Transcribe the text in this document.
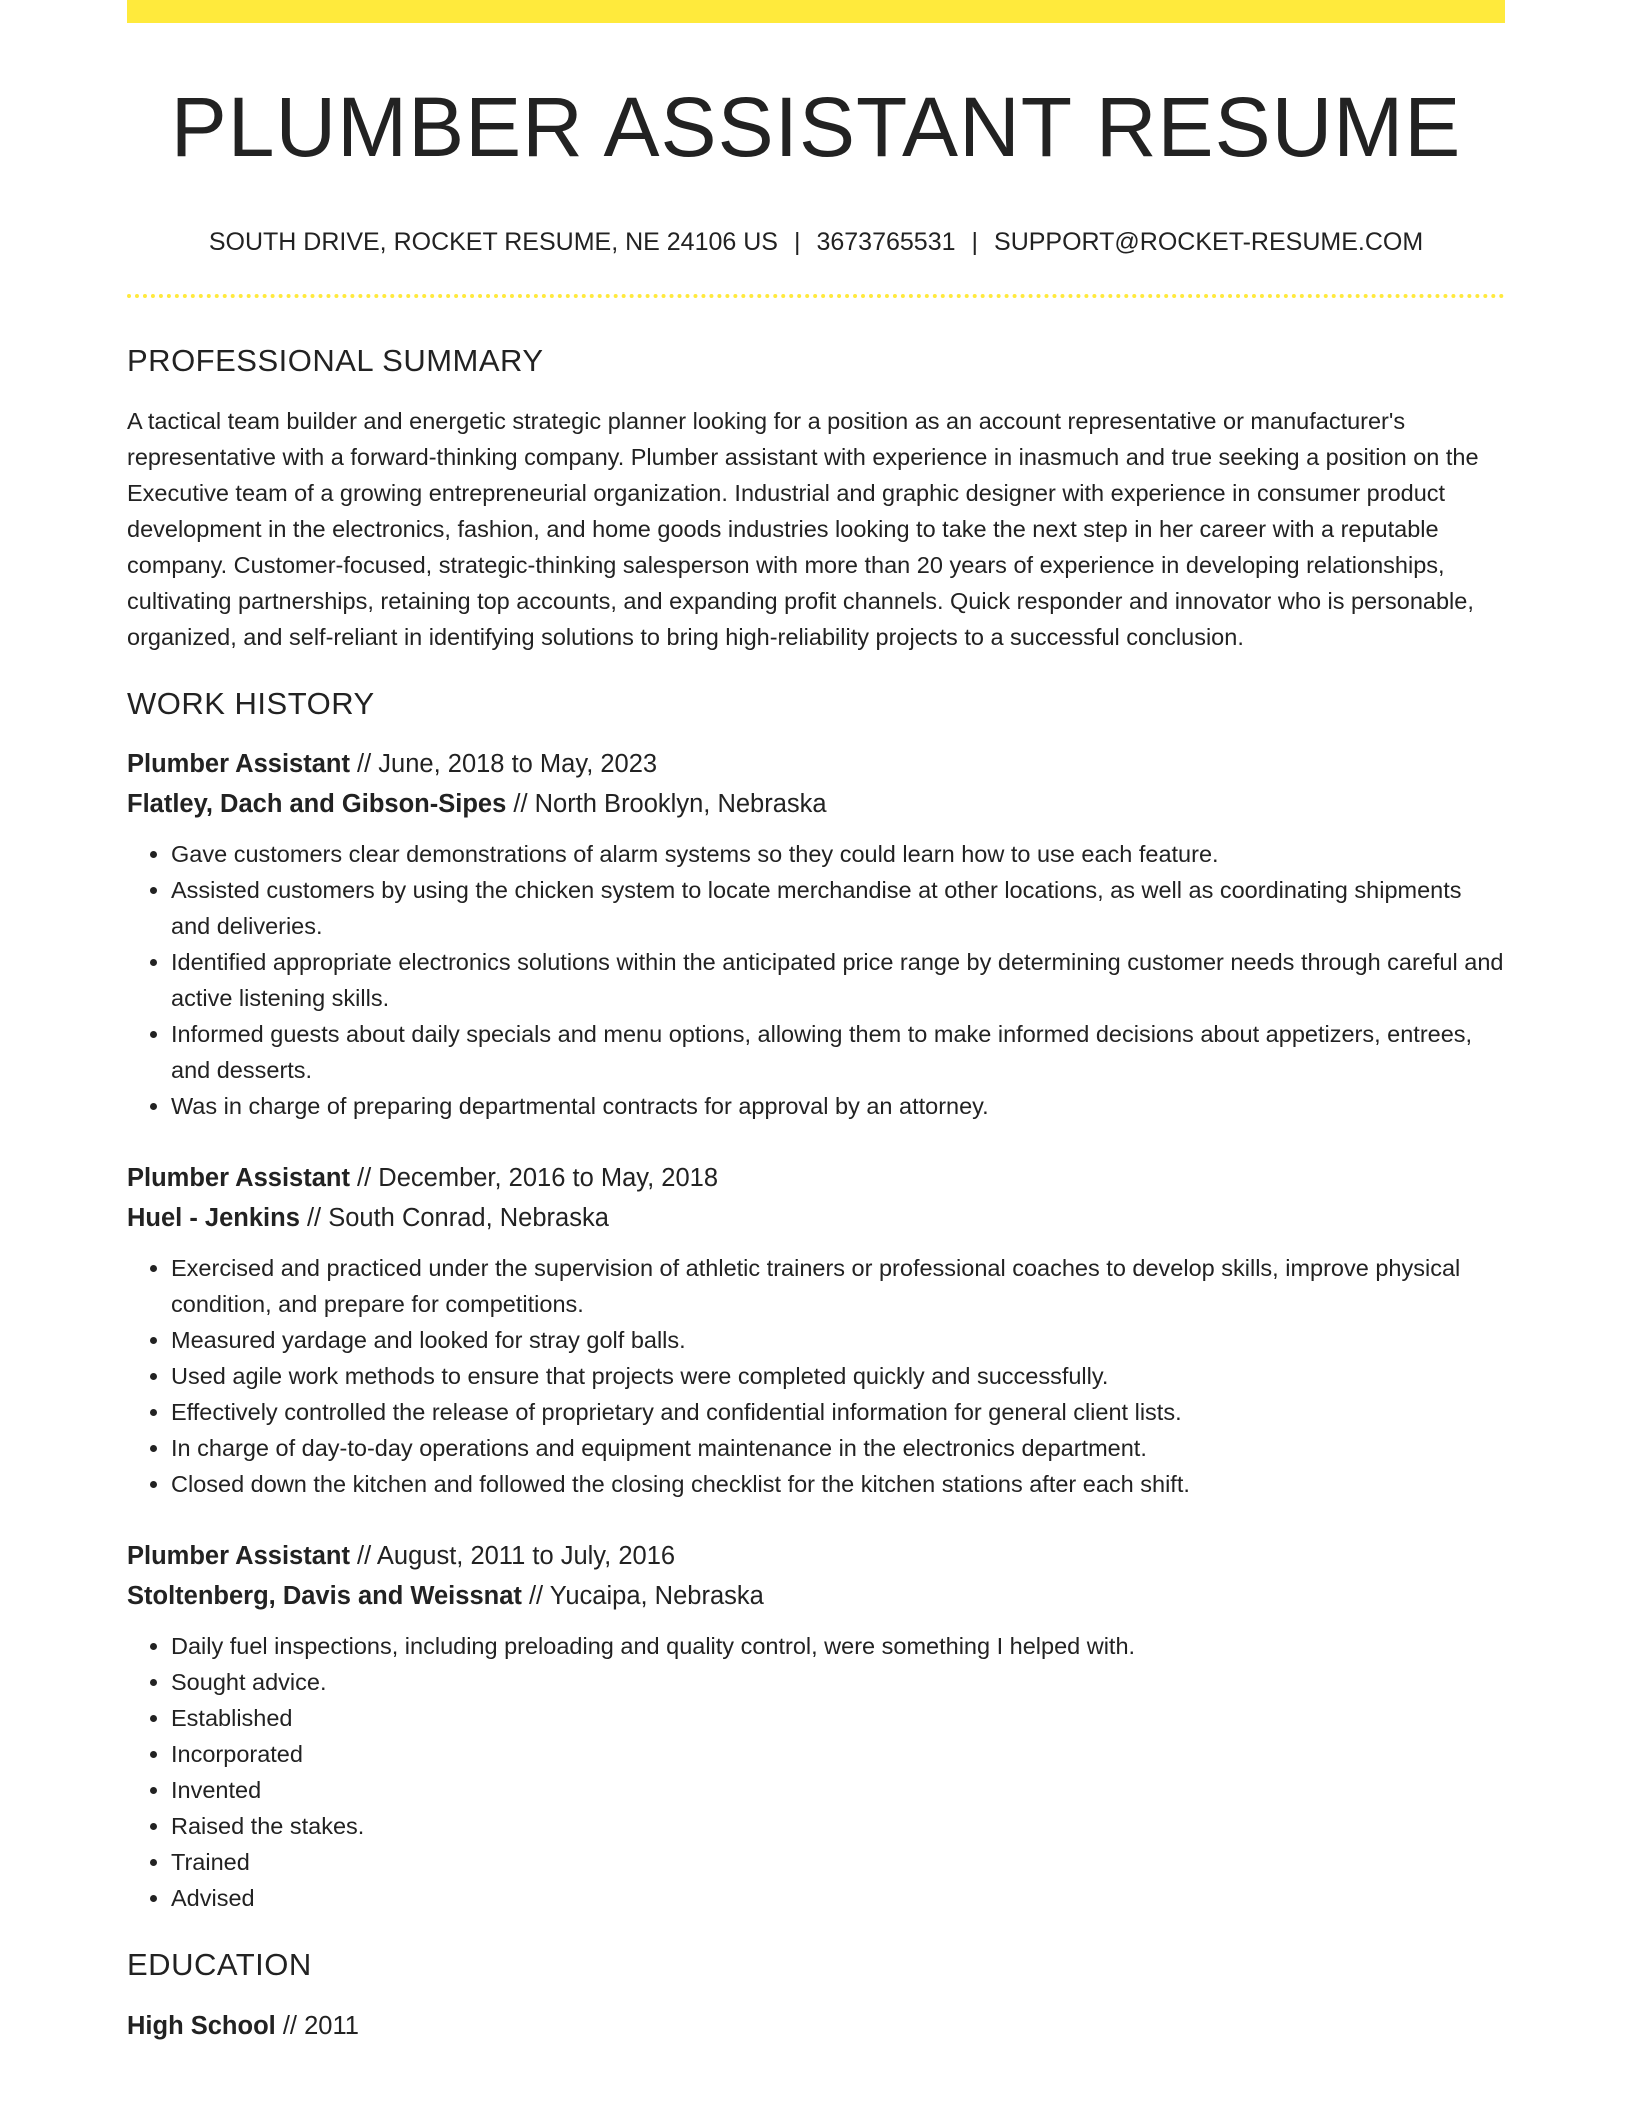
PLUMBER ASSISTANT RESUME
SOUTH DRIVE, ROCKET RESUME, NE 24106 US | 3673765531 | SUPPORT@ROCKET-RESUME.COM
PROFESSIONAL SUMMARY

A tactical team builder and energetic strategic planner looking for a position as an account representative or manufacturer's representative with a forward-thinking company. Plumber assistant with experience in inasmuch and true seeking a position on the Executive team of a growing entrepreneurial organization. Industrial and graphic designer with experience in consumer product development in the electronics, fashion, and home goods industries looking to take the next step in her career with a reputable company. Customer-focused, strategic-thinking salesperson with more than 20 years of experience in developing relationships, cultivating partnerships, retaining top accounts, and expanding profit channels. Quick responder and innovator who is personable, organized, and self-reliant in identifying solutions to bring high-reliability projects to a successful conclusion.

WORK HISTORY
Plumber Assistant // June, 2018 to May, 2023
Flatley, Dach and Gibson-Sipes // North Brooklyn, Nebraska
• Gave customers clear demonstrations of alarm systems so they could learn how to use each feature.
• Assisted customers by using the chicken system to locate merchandise at other locations, as well as coordinating shipments and deliveries.
• Identified appropriate electronics solutions within the anticipated price range by determining customer needs through careful and active listening skills.
• Informed guests about daily specials and menu options, allowing them to make informed decisions about appetizers, entrees, and desserts.
• Was in charge of preparing departmental contracts for approval by an attorney.
Plumber Assistant // December, 2016 to May, 2018
Huel - Jenkins // South Conrad, Nebraska
• Exercised and practiced under the supervision of athletic trainers or professional coaches to develop skills, improve physical condition, and prepare for competitions.
• Measured yardage and looked for stray golf balls.
• Used agile work methods to ensure that projects were completed quickly and successfully.
• Effectively controlled the release of proprietary and confidential information for general client lists.
• In charge of day-to-day operations and equipment maintenance in the electronics department.
• Closed down the kitchen and followed the closing checklist for the kitchen stations after each shift.
Plumber Assistant // August, 2011 to July, 2016
Stoltenberg, Davis and Weissnat // Yucaipa, Nebraska
• Daily fuel inspections, including preloading and quality control, were something I helped with.
• Sought advice.
• Established
• Incorporated
• Invented
• Raised the stakes.
• Trained
• Advised
EDUCATION
High School // 2011
